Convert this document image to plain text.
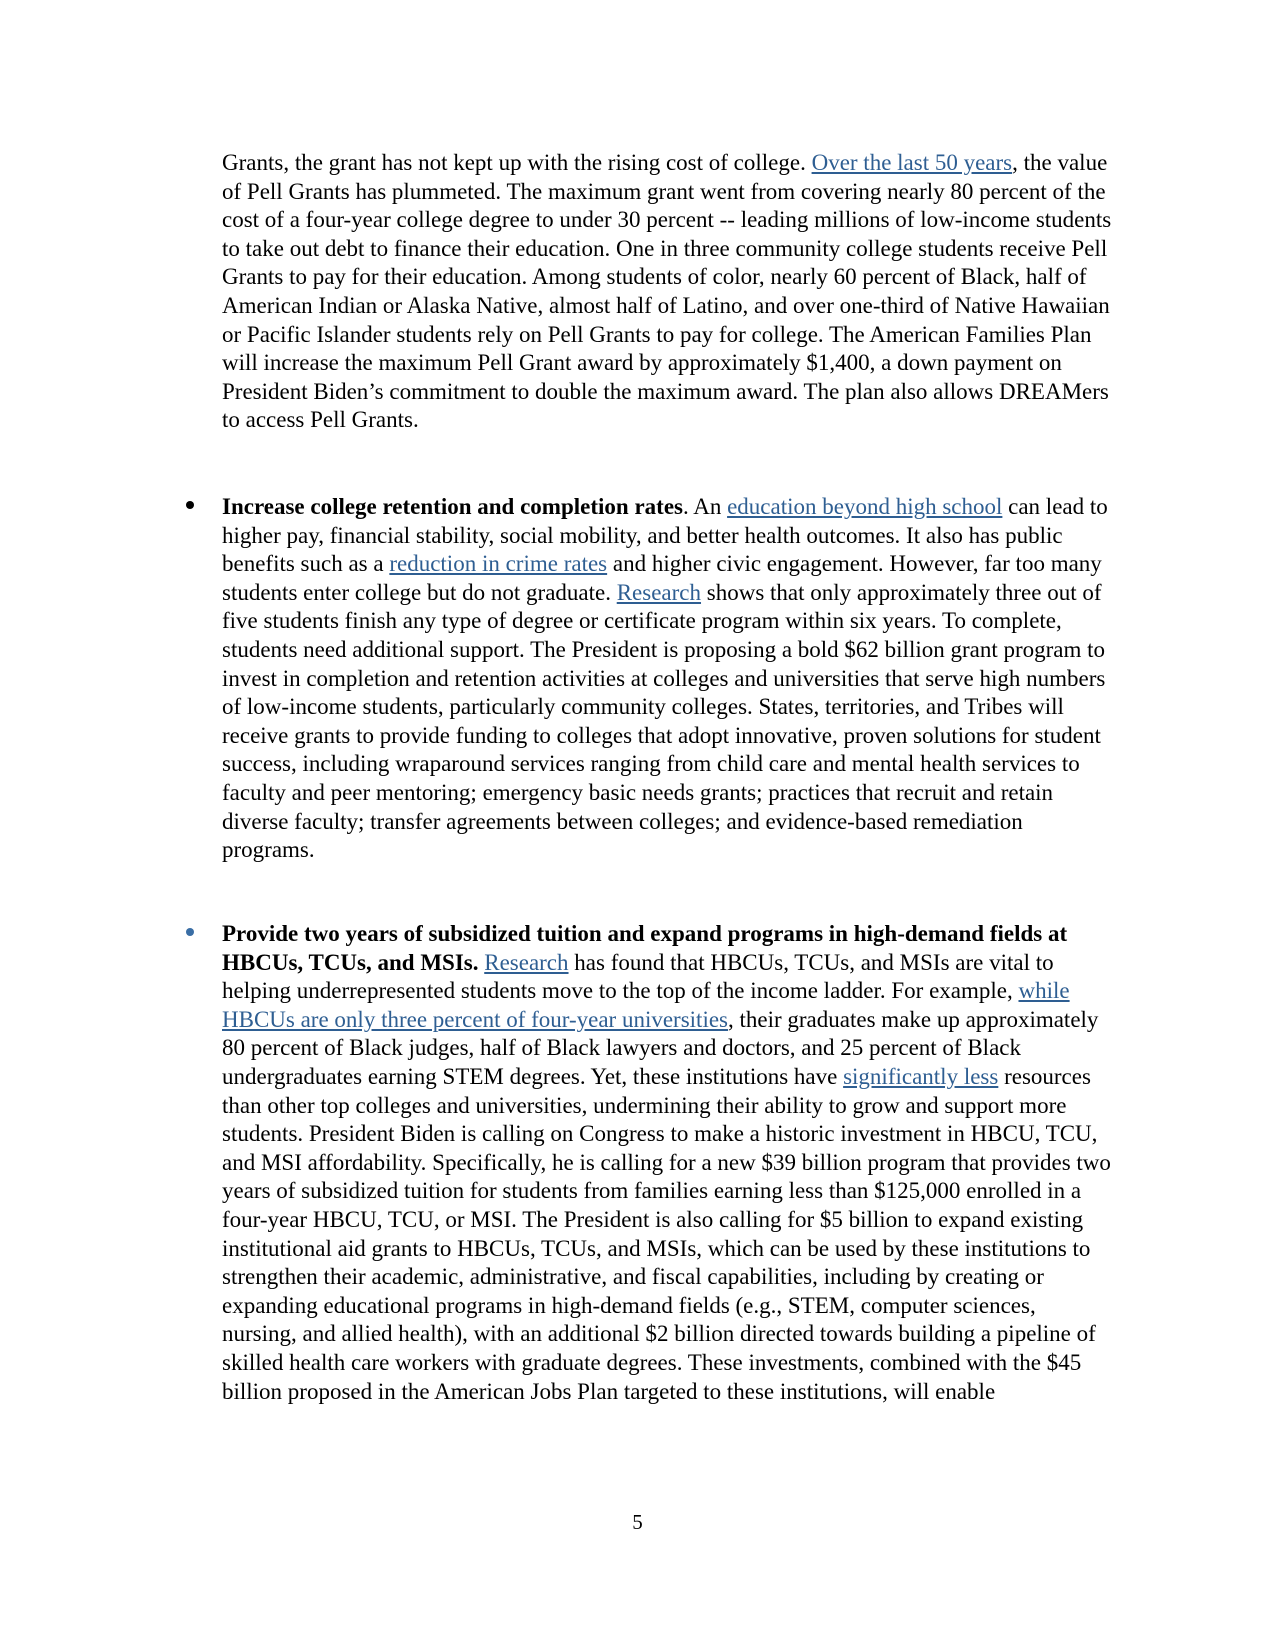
Grants, the grant has not kept up with the rising cost of college. Over the last 50 years, the value of Pell Grants has plummeted. The maximum grant went from covering nearly 80 percent of the cost of a four-year college degree to under 30 percent -- leading millions of low-income students to take out debt to finance their education. One in three community college students receive Pell Grants to pay for their education. Among students of color, nearly 60 percent of Black, half of American Indian or Alaska Native, almost half of Latino, and over one-third of Native Hawaiian or Pacific Islander students rely on Pell Grants to pay for college. The American Families Plan will increase the maximum Pell Grant award by approximately $1,400, a down payment on President Biden’s commitment to double the maximum award. The plan also allows DREAMers to access Pell Grants.

Increase college retention and completion rates. An education beyond high school can lead to higher pay, financial stability, social mobility, and better health outcomes. It also has public benefits such as a reduction in crime rates and higher civic engagement. However, far too many students enter college but do not graduate. Research shows that only approximately three out of five students finish any type of degree or certificate program within six years. To complete, students need additional support. The President is proposing a bold $62 billion grant program to invest in completion and retention activities at colleges and universities that serve high numbers of low-income students, particularly community colleges. States, territories, and Tribes will receive grants to provide funding to colleges that adopt innovative, proven solutions for student success, including wraparound services ranging from child care and mental health services to faculty and peer mentoring; emergency basic needs grants; practices that recruit and retain diverse faculty; transfer agreements between colleges; and evidence-based remediation programs.

Provide two years of subsidized tuition and expand programs in high-demand fields at HBCUs, TCUs, and MSIs. Research has found that HBCUs, TCUs, and MSIs are vital to helping underrepresented students move to the top of the income ladder. For example, while HBCUs are only three percent of four-year universities, their graduates make up approximately 80 percent of Black judges, half of Black lawyers and doctors, and 25 percent of Black undergraduates earning STEM degrees. Yet, these institutions have significantly less resources than other top colleges and universities, undermining their ability to grow and support more students. President Biden is calling on Congress to make a historic investment in HBCU, TCU, and MSI affordability. Specifically, he is calling for a new $39 billion program that provides two years of subsidized tuition for students from families earning less than $125,000 enrolled in a four-year HBCU, TCU, or MSI. The President is also calling for $5 billion to expand existing institutional aid grants to HBCUs, TCUs, and MSIs, which can be used by these institutions to strengthen their academic, administrative, and fiscal capabilities, including by creating or expanding educational programs in high-demand fields (e.g., STEM, computer sciences, nursing, and allied health), with an additional $2 billion directed towards building a pipeline of skilled health care workers with graduate degrees. These investments, combined with the $45 billion proposed in the American Jobs Plan targeted to these institutions, will enable

5
